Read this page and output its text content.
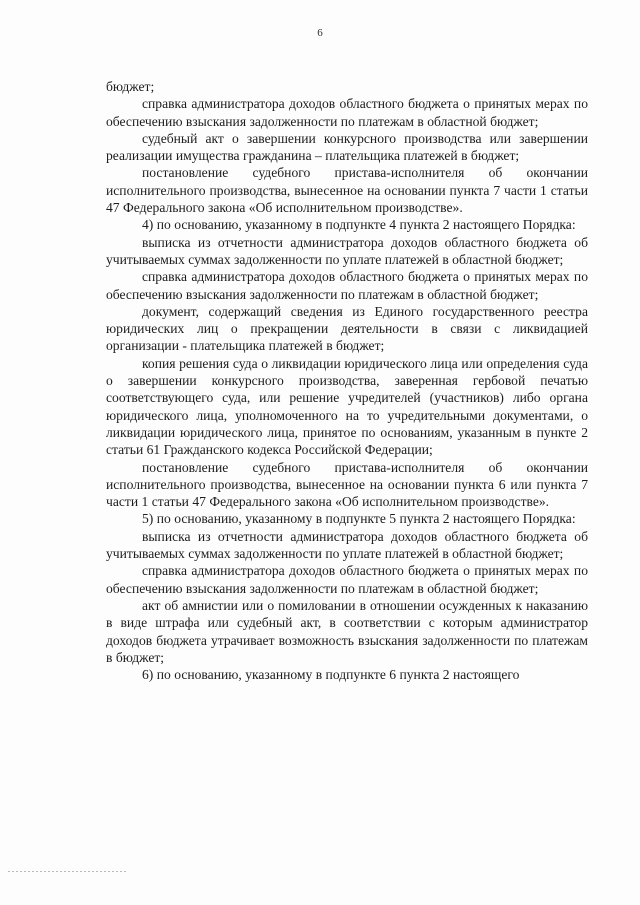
6

бюджет;

справка администратора доходов областного бюджета о принятых мерах по обеспечению взыскания задолженности по платежам в областной бюджет;

судебный акт о завершении конкурсного производства или завершении реализации имущества гражданина – плательщика платежей в бюджет;

постановление судебного пристава-исполнителя об окончании исполнительного производства, вынесенное на основании пункта 7 части 1 статьи 47 Федерального закона «Об исполнительном производстве».

4) по основанию, указанному в подпункте 4 пункта 2 настоящего Порядка:

выписка из отчетности администратора доходов областного бюджета об учитываемых суммах задолженности по уплате платежей в областной бюджет;

справка администратора доходов областного бюджета о принятых мерах по обеспечению взыскания задолженности по платежам в областной бюджет;

документ, содержащий сведения из Единого государственного реестра юридических лиц о прекращении деятельности в связи с ликвидацией организации - плательщика платежей в бюджет;

копия решения суда о ликвидации юридического лица или определения суда о завершении конкурсного производства, заверенная гербовой печатью соответствующего суда, или решение учредителей (участников) либо органа юридического лица, уполномоченного на то учредительными документами, о ликвидации юридического лица, принятое по основаниям, указанным в пункте 2 статьи 61 Гражданского кодекса Российской Федерации;

постановление судебного пристава-исполнителя об окончании исполнительного производства, вынесенное на основании пункта 6 или пункта 7 части 1 статьи 47 Федерального закона «Об исполнительном производстве».

5) по основанию, указанному в подпункте 5 пункта 2 настоящего Порядка:

выписка из отчетности администратора доходов областного бюджета об учитываемых суммах задолженности по уплате платежей в областной бюджет;

справка администратора доходов областного бюджета о принятых мерах по обеспечению взыскания задолженности по платежам в областной бюджет;

акт об амнистии или о помиловании в отношении осужденных к наказанию в виде штрафа или судебный акт, в соответствии с которым администратор доходов бюджета утрачивает возможность взыскания задолженности по платежам в бюджет;

6) по основанию, указанному в подпункте 6 пункта 2 настоящего
